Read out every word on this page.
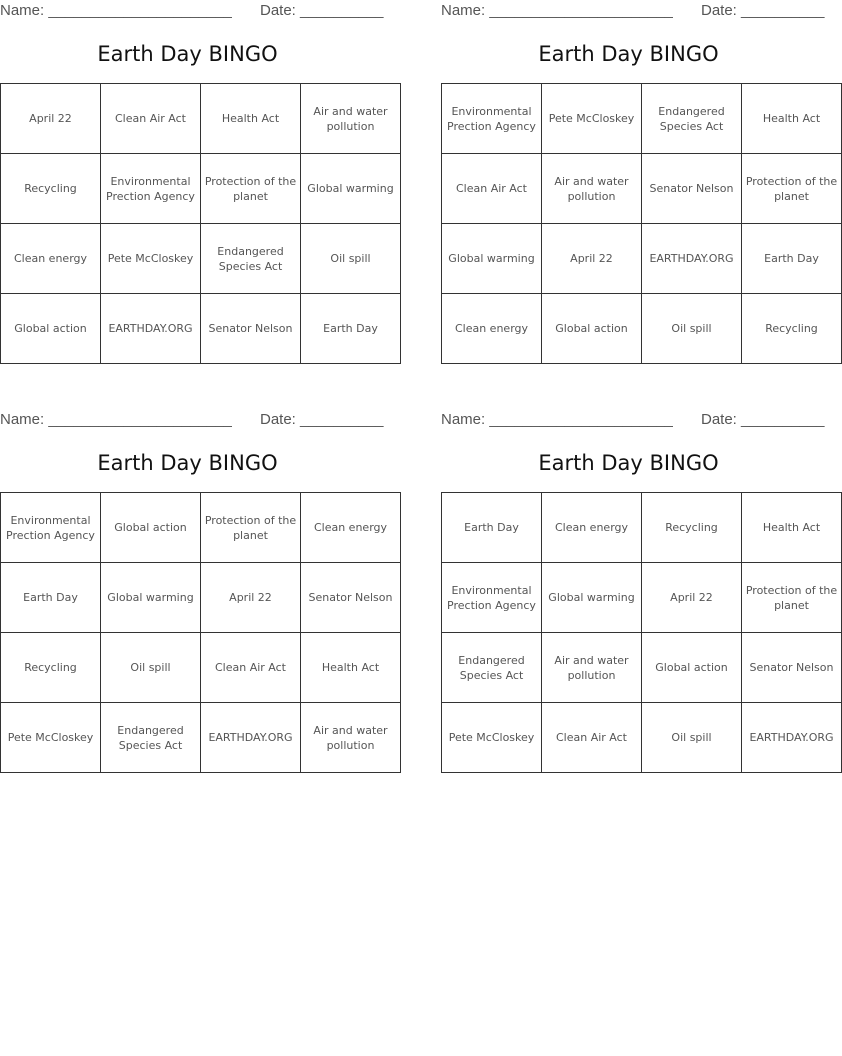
Name: ______________________ Date: __________
Earth Day BINGO
April 22	Clean Air Act	Health Act	Air and water pollution
Recycling	Environmental Prection Agency	Protection of the planet	Global warming
Clean energy	Pete McCloskey	Endangered Species Act	Oil spill
Global action	EARTHDAY.ORG	Senator Nelson	Earth Day
Name: ______________________ Date: __________
Earth Day BINGO
Environmental Prection Agency	Pete McCloskey	Endangered Species Act	Health Act
Clean Air Act	Air and water pollution	Senator Nelson	Protection of the planet
Global warming	April 22	EARTHDAY.ORG	Earth Day
Clean energy	Global action	Oil spill	Recycling
Name: ______________________ Date: __________
Earth Day BINGO
Environmental Prection Agency	Global action	Protection of the planet	Clean energy
Earth Day	Global warming	April 22	Senator Nelson
Recycling	Oil spill	Clean Air Act	Health Act
Pete McCloskey	Endangered Species Act	EARTHDAY.ORG	Air and water pollution
Name: ______________________ Date: __________
Earth Day BINGO
Earth Day	Clean energy	Recycling	Health Act
Environmental Prection Agency	Global warming	April 22	Protection of the planet
Endangered Species Act	Air and water pollution	Global action	Senator Nelson
Pete McCloskey	Clean Air Act	Oil spill	EARTHDAY.ORG
